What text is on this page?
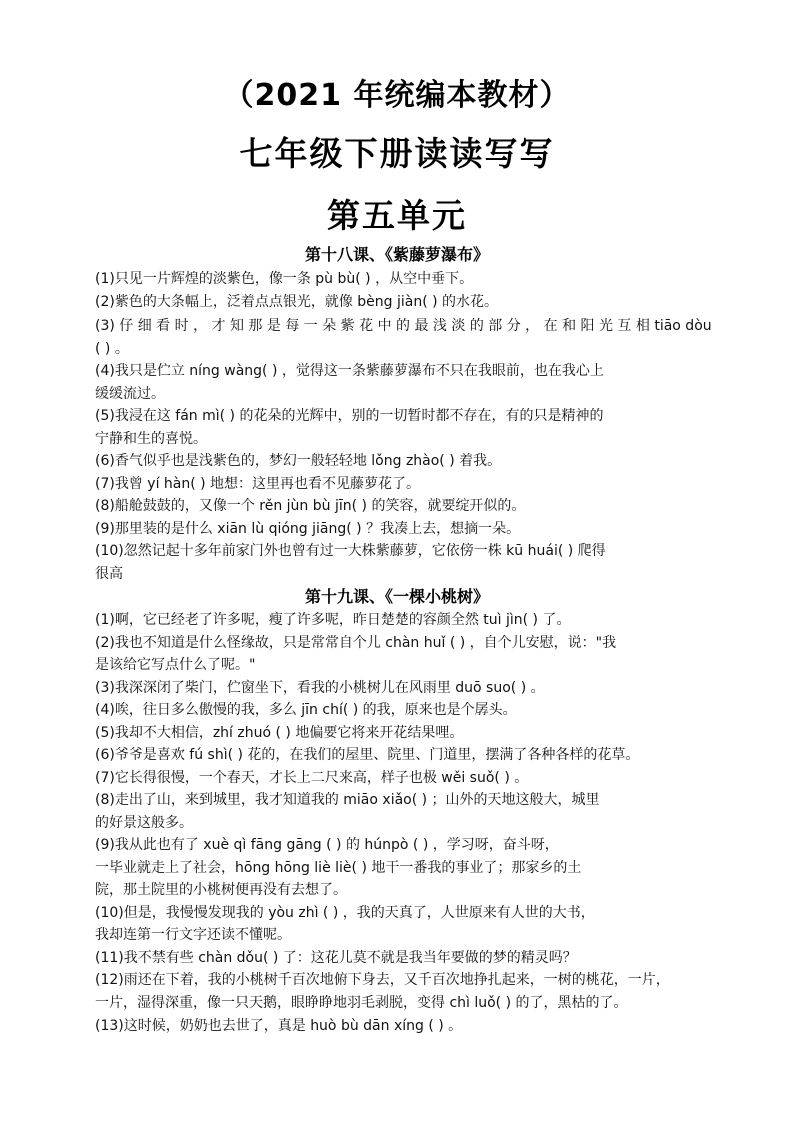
（2021 年统编本教材）
七年级下册读读写写
第五单元
第十八课、《紫藤萝瀑布》
(1)只见一片辉煌的淡紫色，像一条 pù bù( ) ，从空中垂下。
(2)紫色的大条幅上，泛着点点银光，就像 bèng jiàn( ) 的水花。
(3) 仔 细 看 时 ， 才 知 那 是 每 一 朵 紫 花 中 的 最 浅 淡 的 部 分 ， 在 和 阳 光 互 相 tiāo dòu
( ) 。
(4)我只是伫立 níng wàng( ) ，觉得这一条紫藤萝瀑布不只在我眼前，也在我心上
缓缓流过。
(5)我浸在这 fán mì( ) 的花朵的光辉中，别的一切暂时都不存在，有的只是精神的
宁静和生的喜悦。
(6)香气似乎也是浅紫色的，梦幻一般轻轻地 lǒng zhào( ) 着我。
(7)我曾 yí hàn( ) 地想：这里再也看不见藤萝花了。
(8)船舱鼓鼓的，又像一个 rěn jùn bù jīn( ) 的笑容，就要绽开似的。
(9)那里装的是什么 xiān lù qióng jiāng( ) ？我凑上去，想摘一朵。
(10)忽然记起十多年前家门外也曾有过一大株紫藤萝，它依傍一株 kū huái( ) 爬得
很高
第十九课、《一棵小桃树》
(1)啊，它已经老了许多呢，瘦了许多呢，昨日楚楚的容颜全然 tuì jìn( ) 了。
(2)我也不知道是什么怪缘故，只是常常自个儿 chàn huǐ ( ) ，自个儿安慰，说："我
是该给它写点什么了呢。"
(3)我深深闭了柴门，伫窗坐下，看我的小桃树儿在风雨里 duō suo( ) 。
(4)唉，往日多么傲慢的我，多么 jīn chí( ) 的我，原来也是个孱头。
(5)我却不大相信，zhí zhuó ( ) 地偏要它将来开花结果哩。
(6)爷爷是喜欢 fú shì( ) 花的，在我们的屋里、院里、门道里，摆满了各种各样的花草。
(7)它长得很慢，一个春天，才长上二尺来高，样子也极 wěi suǒ( ) 。
(8)走出了山，来到城里，我才知道我的 miāo xiǎo( ) ；山外的天地这般大，城里
的好景这般多。
(9)我从此也有了 xuè qì fāng gāng ( ) 的 húnpò ( ) ，学习呀，奋斗呀，
一毕业就走上了社会，hōng hōng liè liè( ) 地干一番我的事业了；那家乡的土
院，那土院里的小桃树便再没有去想了。
(10)但是，我慢慢发现我的 yòu zhì ( ) ，我的天真了，人世原来有人世的大书，
我却连第一行文字还读不懂呢。
(11)我不禁有些 chàn dǒu( ) 了：这花儿莫不就是我当年要做的梦的精灵吗？
(12)雨还在下着，我的小桃树千百次地俯下身去，又千百次地挣扎起来，一树的桃花，一片，
一片，湿得深重，像一只天鹅，眼睁睁地羽毛剥脱，变得 chì luǒ( ) 的了，黑枯的了。
(13)这时候，奶奶也去世了，真是 huò bù dān xíng ( ) 。
